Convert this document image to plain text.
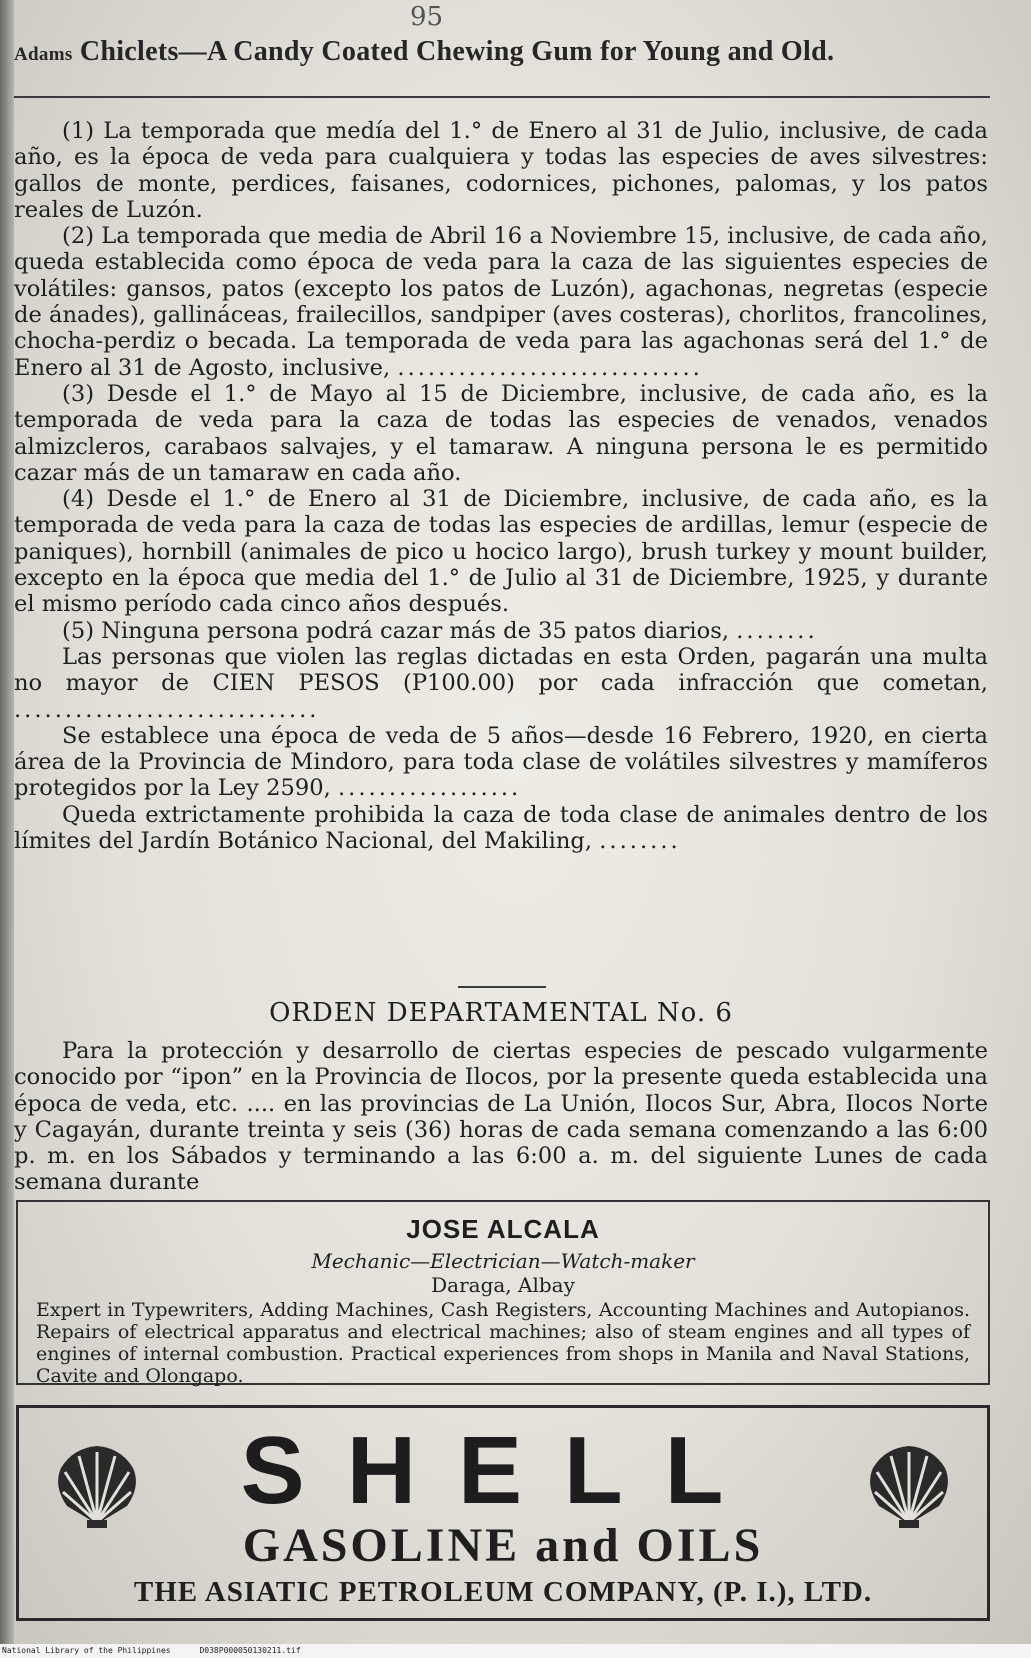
95
Adams Chiclets—A Candy Coated Chewing Gum for Young and Old.

(1) La temporada que medía del 1.° de Enero al 31 de Julio, inclusive, de cada año, es la época de veda para cualquiera y todas las especies de aves silvestres: gallos de monte, perdices, faisanes, codornices, pichones, palomas, y los patos reales de Luzón.

(2) La temporada que media de Abril 16 a Noviembre 15, inclusive, de cada año, queda establecida como época de veda para la caza de las siguientes especies de volátiles: gansos, patos (excepto los patos de Luzón), agachonas, negretas (especie de ánades), gallináceas, frailecillos, sandpiper (aves costeras), chorlitos, francolines, chocha-perdiz o becada. La temporada de veda para las agachonas será del 1.° de Enero al 31 de Agosto, inclusive, ..............................

(3) Desde el 1.° de Mayo al 15 de Diciembre, inclusive, de cada año, es la temporada de veda para la caza de todas las especies de venados, venados almizcleros, carabaos salvajes, y el tamaraw. A ninguna persona le es permitido cazar más de un tamaraw en cada año.

(4) Desde el 1.° de Enero al 31 de Diciembre, inclusive, de cada año, es la temporada de veda para la caza de todas las especies de ardillas, lemur (especie de paniques), hornbill (animales de pico u hocico largo), brush turkey y mount builder, excepto en la época que media del 1.° de Julio al 31 de Diciembre, 1925, y durante el mismo período cada cinco años después.

(5) Ninguna persona podrá cazar más de 35 patos diarios, ........

Las personas que violen las reglas dictadas en esta Orden, pagarán una multa no mayor de CIEN PESOS (P100.00) por cada infracción que cometan, ..............................

Se establece una época de veda de 5 años—desde 16 Febrero, 1920, en cierta área de la Provincia de Mindoro, para toda clase de volátiles silvestres y mamíferos protegidos por la Ley 2590, ..................

Queda extrictamente prohibida la caza de toda clase de animales dentro de los límites del Jardín Botánico Nacional, del Makiling, ........

ORDEN DEPARTAMENTAL No. 6

Para la protección y desarrollo de ciertas especies de pescado vulgarmente conocido por “ipon” en la Provincia de Ilocos, por la presente queda establecida una época de veda, etc. .... en las provincias de La Unión, Ilocos Sur, Abra, Ilocos Norte y Cagayán, durante treinta y seis (36) horas de cada semana comenzando a las 6:00 p. m. en los Sábados y terminando a las 6:00 a. m. del siguiente Lunes de cada semana durante

JOSE ALCALA
Mechanic—Electrician—Watch-maker
Daraga, Albay
Expert in Typewriters, Adding Machines, Cash Registers, Accounting Machines and Autopianos. Repairs of electrical apparatus and electrical machines; also of steam engines and all types of engines of internal combustion. Practical experiences from shops in Manila and Naval Stations, Cavite and Olongapo.
SHELL
GASOLINE and OILS
THE ASIATIC PETROLEUM COMPANY, (P. I.), LTD.
National Library of the Philippines	D038P000050130211.tif
